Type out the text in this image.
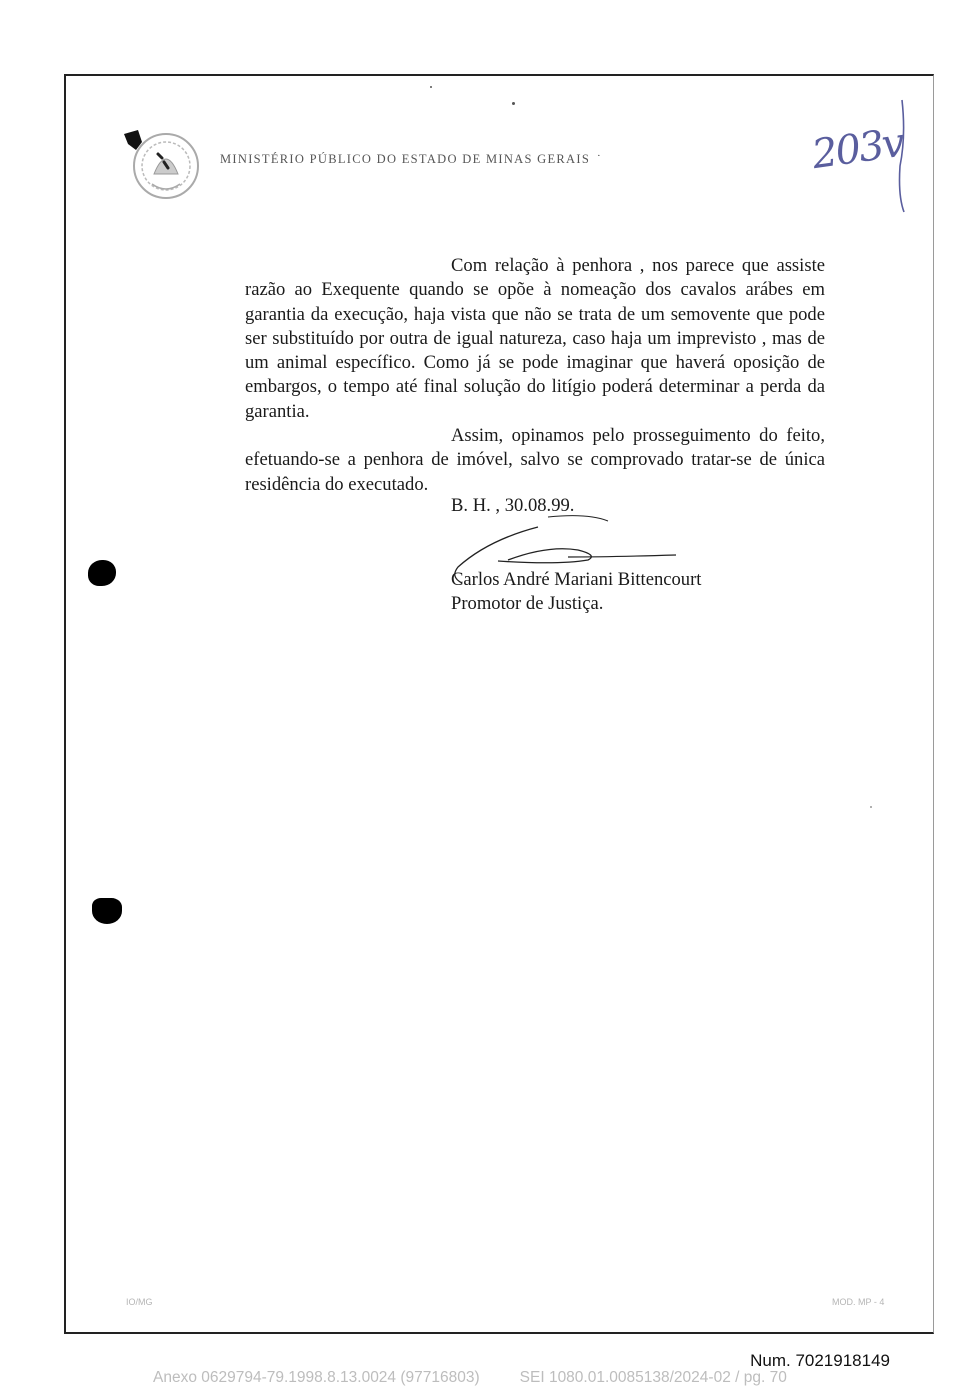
MINISTÉRIO PÚBLICO DO ESTADO DE MINAS GERAIS ·	203v

Com relação à penhora , nos parece que assiste razão ao Exequente quando se opõe à nomeação dos cavalos arábes em garantia da execução, haja vista que não se trata de um semovente que pode ser substituído por outra de igual natureza, caso haja um imprevisto , mas de um animal específico. Como já se pode imaginar que haverá oposição de embargos, o tempo até final solução do litígio poderá determinar a perda da garantia.

Assim, opinamos pelo prosseguimento do feito, efetuando-se a penhora de imóvel, salvo se comprovado tratar-se de única residência do executado.

B. H. , 30.08.99.
Carlos André Mariani Bittencourt
Promotor de Justiça.
IO/MG	MOD. MP - 4
Num. 7021918149
Anexo 0629794-79.1998.8.13.0024 (97716803)	SEI 1080.01.0085138/2024-02 / pg. 70
